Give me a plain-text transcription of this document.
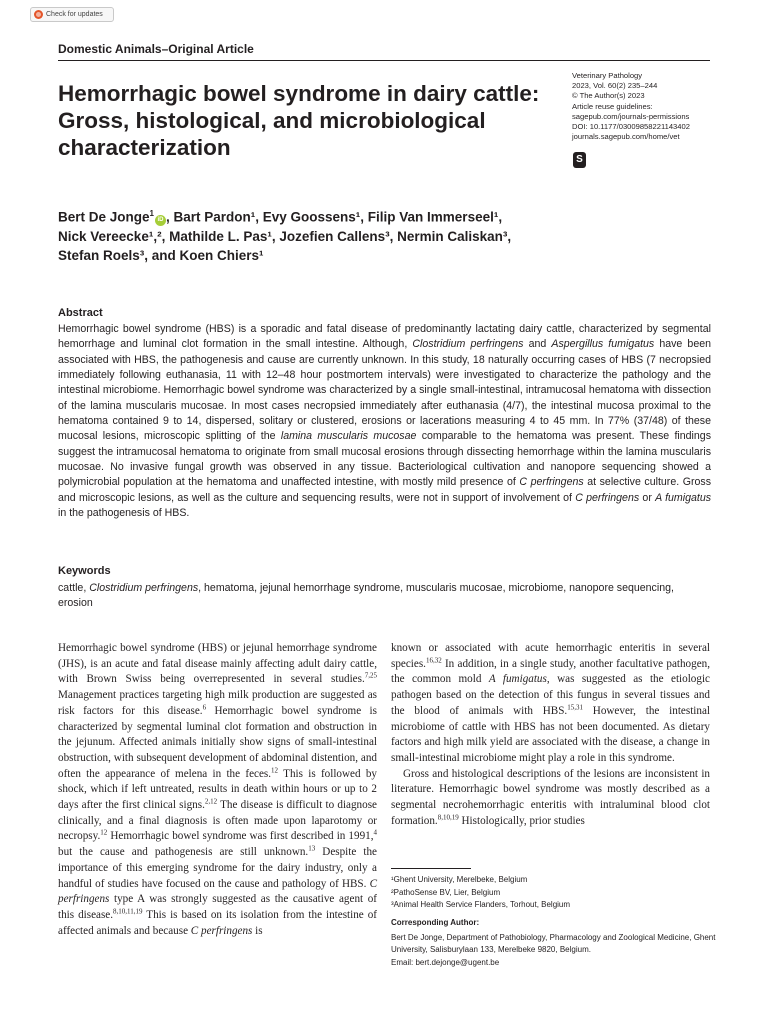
Check for updates
Domestic Animals–Original Article
Hemorrhagic bowel syndrome in dairy cattle: Gross, histological, and microbiological characterization
Veterinary Pathology
2023, Vol. 60(2) 235–244
© The Author(s) 2023
Article reuse guidelines:
sagepub.com/journals-permissions
DOI: 10.1177/03009858221143402
journals.sagepub.com/home/vet
S
Bert De Jonge$^1$iD , Bart Pardon¹, Evy Goossens¹, Filip Van Immerseel¹,
Nick Vereecke¹,², Mathilde L. Pas¹, Jozefien Callens³, Nermin Caliskan³,
Stefan Roels³, and Koen Chiers¹
Abstract

Hemorrhagic bowel syndrome (HBS) is a sporadic and fatal disease of predominantly lactating dairy cattle, characterized by segmental hemorrhage and luminal clot formation in the small intestine. Although, Clostridium perfringens and Aspergillus fumigatus have been associated with HBS, the pathogenesis and cause are currently unknown. In this study, 18 naturally occurring cases of HBS (7 necropsied immediately following euthanasia, 11 with 12–48 hour postmortem intervals) were investigated to characterize the pathology and the intestinal microbiome. Hemorrhagic bowel syndrome was characterized by a single small-intestinal, intramucosal hematoma with dissection of the lamina muscularis mucosae. In most cases necropsied immediately after euthanasia (4/7), the intestinal mucosa proximal to the hematoma contained 9 to 14, dispersed, solitary or clustered, erosions or lacerations measuring 4 to 45 mm. In 77% (37/48) of these mucosal lesions, microscopic splitting of the lamina muscularis mucosae comparable to the hematoma was present. These findings suggest the intramucosal hematoma to originate from small mucosal erosions through dissecting hemorrhage within the lamina muscularis mucosae. No invasive fungal growth was observed in any tissue. Bacteriological cultivation and nanopore sequencing showed a polymicrobial population at the hematoma and unaffected intestine, with mostly mild presence of C perfringens at selective culture. Gross and microscopic lesions, as well as the culture and sequencing results, were not in support of involvement of C perfringens or A fumigatus in the pathogenesis of HBS.

Keywords

cattle, Clostridium perfringens, hematoma, jejunal hemorrhage syndrome, muscularis mucosae, microbiome, nanopore sequencing, erosion

Hemorrhagic bowel syndrome (HBS) or jejunal hemorrhage syndrome (JHS), is an acute and fatal disease mainly affecting adult dairy cattle, with Brown Swiss being overrepresented in several studies.$^{7,25}$ Management practices targeting high milk production are suggested as risk factors for this disease.$^6$ Hemorrhagic bowel syndrome is characterized by segmental luminal clot formation and obstruction in the jejunum. Affected animals initially show signs of small-intestinal obstruction, with subsequent development of abdominal distention, and often the appearance of melena in the feces.$^{12}$ This is followed by shock, which if left untreated, results in death within hours or up to 2 days after the first clinical signs.$^{2,12}$ The disease is difficult to diagnose clinically, and a final diagnosis is often made upon laparotomy or necropsy.$^{12}$ Hemorrhagic bowel syndrome was first described in 1991,$^4$ but the cause and pathogenesis are still unknown.$^{13}$ Despite the importance of this emerging syndrome for the dairy industry, only a handful of studies have focused on the cause and pathology of HBS. C perfringens type A was strongly suggested as the causative agent of this disease.$^{8,10,11,19}$ This is based on its isolation from the intestine of affected animals and because C perfringens is

known or associated with acute hemorrhagic enteritis in several species.$^{16,32}$ In addition, in a single study, another facultative pathogen, the common mold A fumigatus, was suggested as the etiologic pathogen based on the detection of this fungus in several tissues and the blood of animals with HBS.$^{15,31}$ However, the intestinal microbiome of cattle with HBS has not been documented. As dietary factors and high milk yield are associated with the disease, a change in small-intestinal microbiome might play a role in this syndrome.

Gross and histological descriptions of the lesions are inconsistent in literature. Hemorrhagic bowel syndrome was mostly described as a segmental necrohemorrhagic enteritis with intraluminal blood clot formation.$^{8,10,19}$ Histologically, prior studies

¹Ghent University, Merelbeke, Belgium
²PathoSense BV, Lier, Belgium
³Animal Health Service Flanders, Torhout, Belgium
Corresponding Author:

Bert De Jonge, Department of Pathobiology, Pharmacology and Zoological Medicine, Ghent University, Salisburylaan 133, Merelbeke 9820, Belgium.
Email: bert.dejonge@ugent.be
